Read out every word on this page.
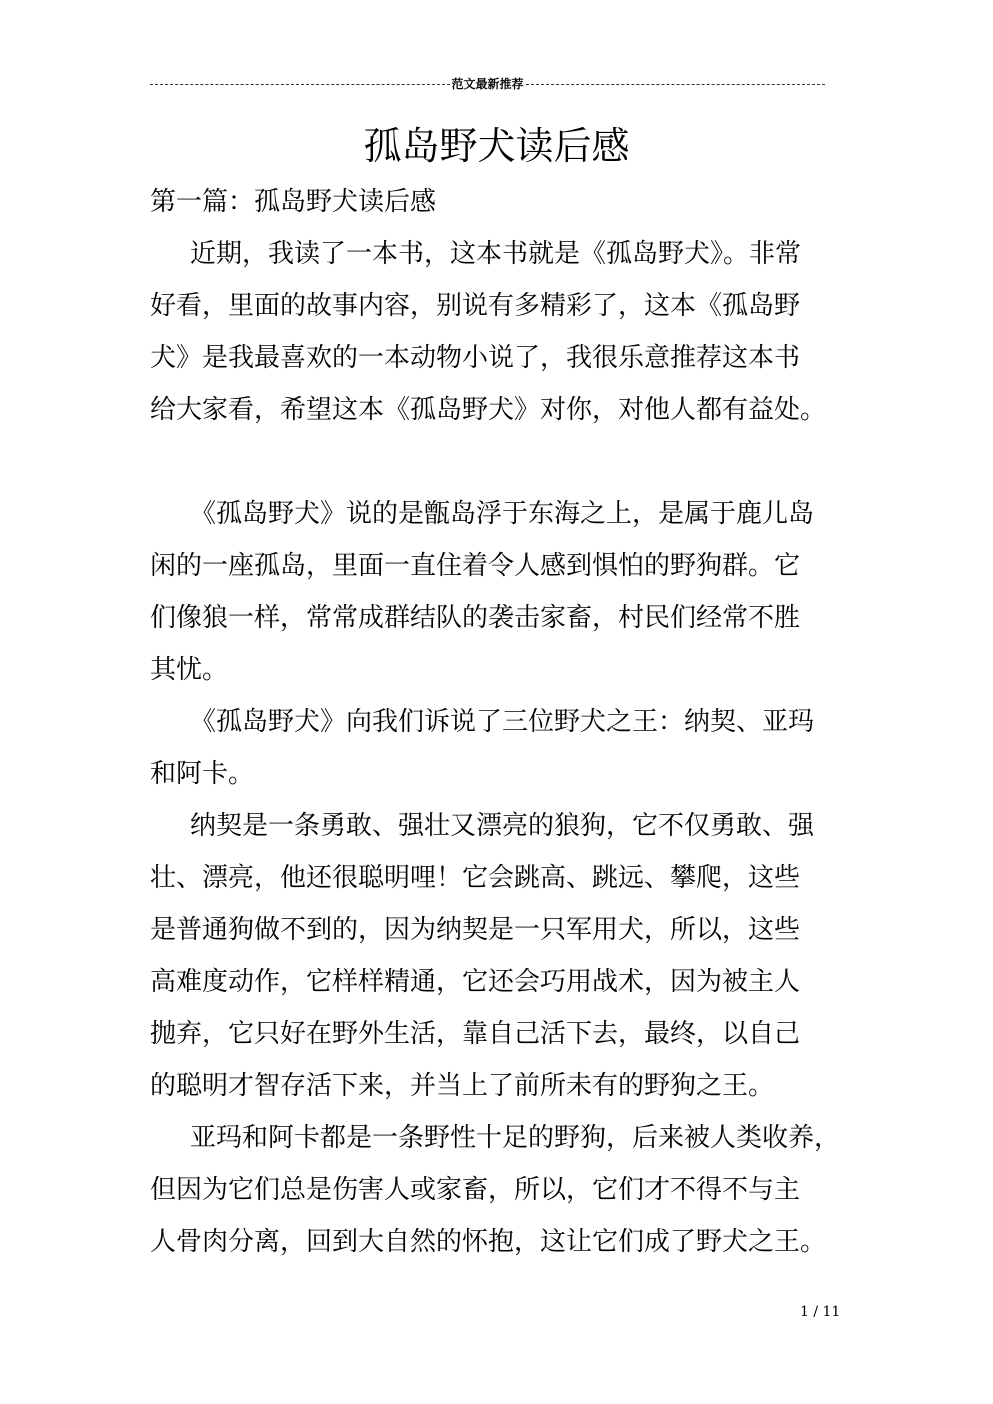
范文最新推荐
孤岛野犬读后感

第一篇：孤岛野犬读后感

近期，我读了一本书，这本书就是《孤岛野犬》。非常

好看，里面的故事内容，别说有多精彩了，这本《孤岛野

犬》是我最喜欢的一本动物小说了，我很乐意推荐这本书

给大家看，希望这本《孤岛野犬》对你，对他人都有益处。

《孤岛野犬》说的是甑岛浮于东海之上，是属于鹿儿岛

闲的一座孤岛，里面一直住着令人感到惧怕的野狗群。它

们像狼一样，常常成群结队的袭击家畜，村民们经常不胜

其忧。

《孤岛野犬》向我们诉说了三位野犬之王：纳契、亚玛

和阿卡。

纳契是一条勇敢、强壮又漂亮的狼狗，它不仅勇敢、强

壮、漂亮，他还很聪明哩！它会跳高、跳远、攀爬，这些

是普通狗做不到的，因为纳契是一只军用犬，所以，这些

高难度动作，它样样精通，它还会巧用战术，因为被主人

抛弃，它只好在野外生活，靠自己活下去，最终，以自己

的聪明才智存活下来，并当上了前所未有的野狗之王。

亚玛和阿卡都是一条野性十足的野狗，后来被人类收养，

但因为它们总是伤害人或家畜，所以，它们才不得不与主

人骨肉分离，回到大自然的怀抱，这让它们成了野犬之王。

1 / 11
